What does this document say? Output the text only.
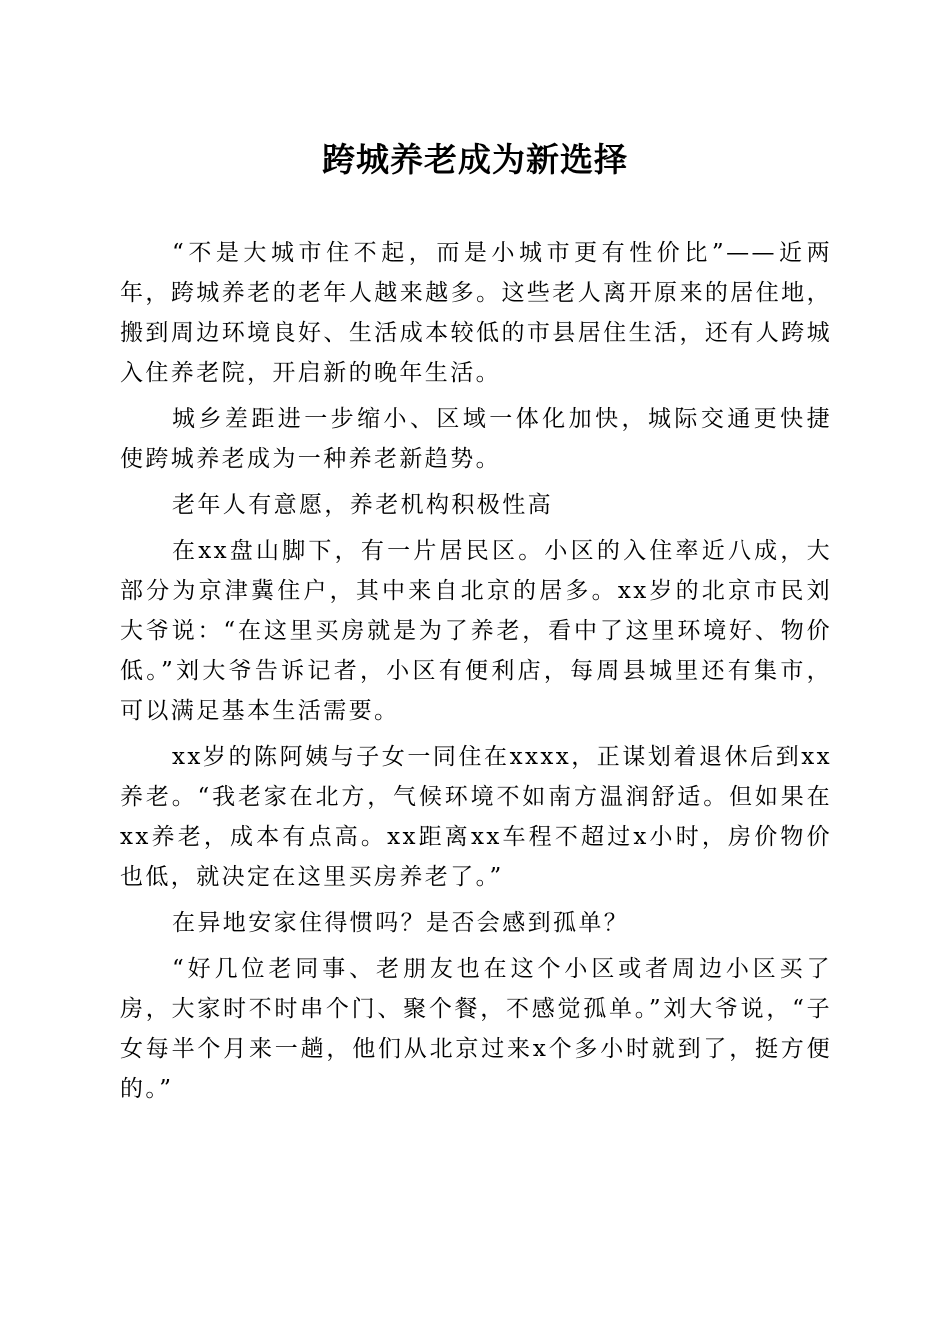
跨城养老成为新选择

“不是大城市住不起，而是小城市更有性价比”——近两年，跨城养老的老年人越来越多。这些老人离开原来的居住地，搬到周边环境良好、生活成本较低的市县居住生活，还有人跨城入住养老院，开启新的晚年生活。

城乡差距进一步缩小、区域一体化加快，城际交通更快捷使跨城养老成为一种养老新趋势。

老年人有意愿，养老机构积极性高

在xx盘山脚下，有一片居民区。小区的入住率近八成，大部分为京津冀住户，其中来自北京的居多。xx岁的北京市民刘大爷说：“在这里买房就是为了养老，看中了这里环境好、物价低。”刘大爷告诉记者，小区有便利店，每周县城里还有集市，可以满足基本生活需要。

xx岁的陈阿姨与子女一同住在xxxx，正谋划着退休后到xx养老。“我老家在北方，气候环境不如南方温润舒适。但如果在xx养老，成本有点高。xx距离xx车程不超过x小时，房价物价也低，就决定在这里买房养老了。”

在异地安家住得惯吗？是否会感到孤单？

“好几位老同事、老朋友也在这个小区或者周边小区买了房，大家时不时串个门、聚个餐，不感觉孤单。”刘大爷说，“子女每半个月来一趟，他们从北京过来x个多小时就到了，挺方便的。”
